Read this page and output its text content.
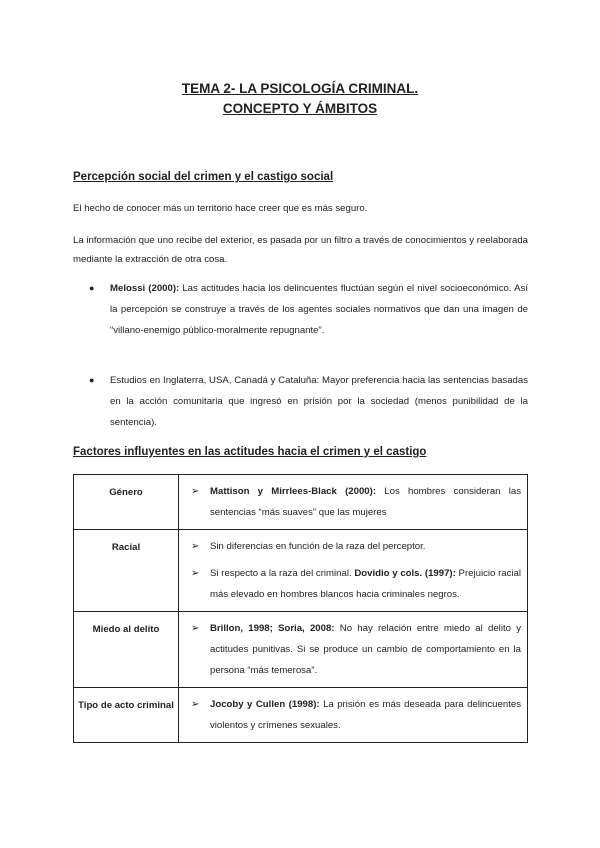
TEMA 2- LA PSICOLOGÍA CRIMINAL.
CONCEPTO Y ÁMBITOS
Percepción social del crimen y el castigo social
El hecho de conocer más un territorio hace creer que es más seguro.
La información que uno recibe del exterior, es pasada por un filtro a través de conocimientos y reelaborada mediante la extracción de otra cosa.
● Melossi (2000): Las actitudes hacia los delincuentes fluctúan según el nivel socioeconómico. Así la percepción se construye a través de los agentes sociales normativos que dan una imagen de “villano-enemigo público-moralmente repugnante”.
● Estudios en Inglaterra, USA, Canadá y Cataluña: Mayor preferencia hacia las sentencias basadas en la acción comunitaria que ingresó en prisión por la sociedad (menos punibilidad de la sentencia).
Factores influyentes en las actitudes hacia el crimen y el castigo
Género	➢ Mattison y Mirrlees-Black (2000): Los hombres consideran las sentencias “más suaves” que las mujeres

Racial	➢ Sin diferencias en función de la raza del perceptor.
➢ Si respecto a la raza del criminal. Dovidio y cols. (1997): Prejuicio racial más elevado en hombres blancos hacia criminales negros.

Miedo al delito	➢ Brillon, 1998; Soria, 2008: No hay relación entre miedo al delito y actitudes punitivas. Si se produce un cambio de comportamiento en la persona “más temerosa”.

Tipo de acto criminal	➢ Jocoby y Cullen (1998): La prisión es más deseada para delincuentes violentos y crímenes sexuales.
